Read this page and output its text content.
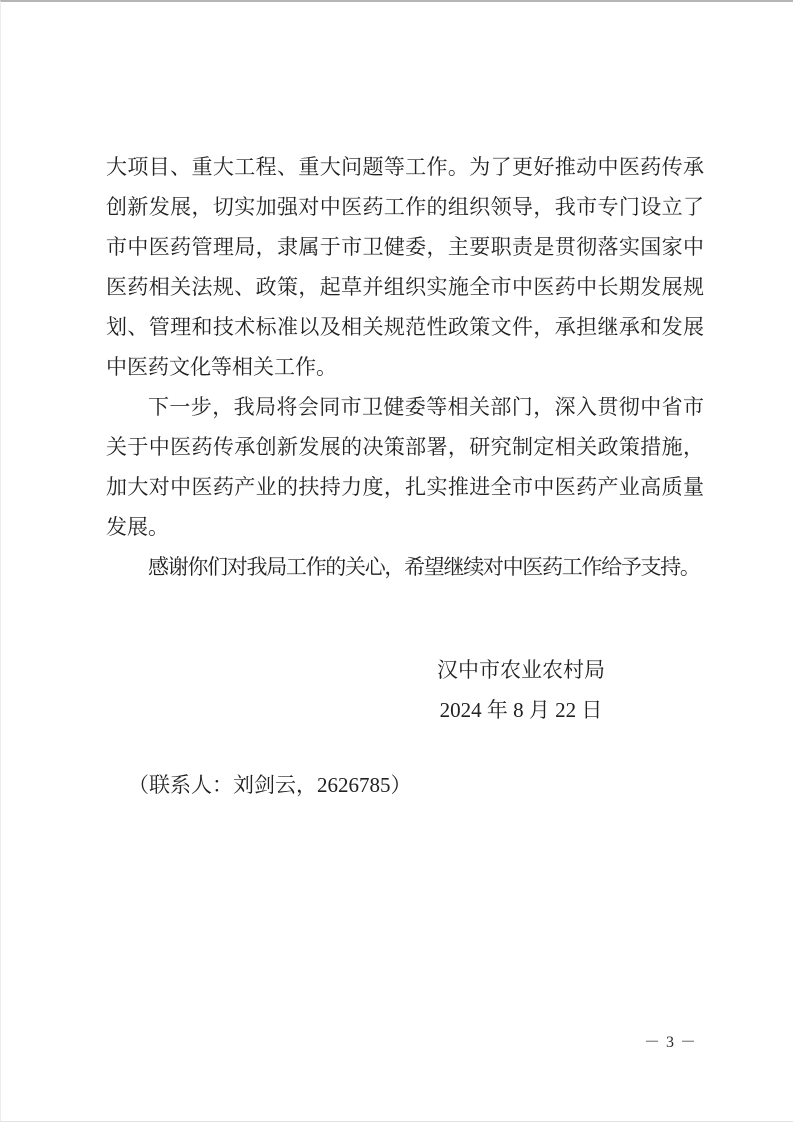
大项目、重大工程、重大问题等工作。为了更好推动中医药传承创新发展，切实加强对中医药工作的组织领导，我市专门设立了市中医药管理局，隶属于市卫健委，主要职责是贯彻落实国家中医药相关法规、政策，起草并组织实施全市中医药中长期发展规划、管理和技术标准以及相关规范性政策文件，承担继承和发展中医药文化等相关工作。

下一步，我局将会同市卫健委等相关部门，深入贯彻中省市关于中医药传承创新发展的决策部署，研究制定相关政策措施，加大对中医药产业的扶持力度，扎实推进全市中医药产业高质量发展。

感谢你们对我局工作的关心，希望继续对中医药工作给予支持。

汉中市农业农村局
2024 年 8 月 22 日
（联系人：刘剑云，2626785）
－ 3 －
